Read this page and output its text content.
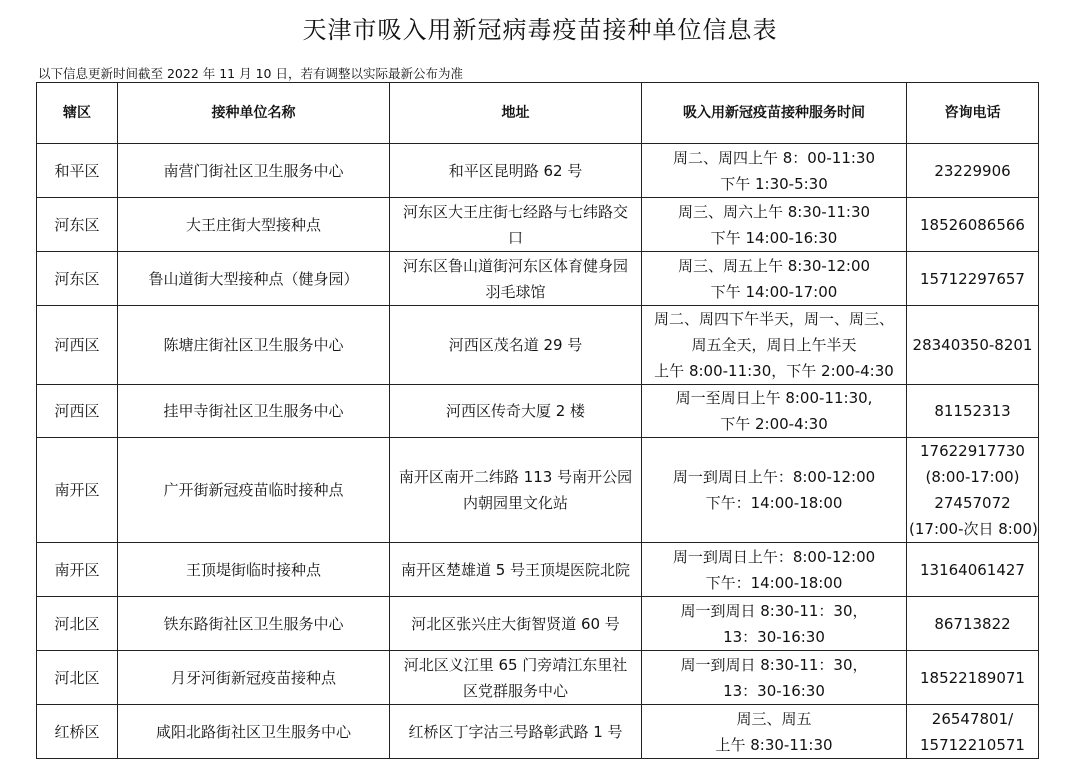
天津市吸入用新冠病毒疫苗接种单位信息表
以下信息更新时间截至 2022 年 11 月 10 日，若有调整以实际最新公布为准
辖区	接种单位名称	地址	吸入用新冠疫苗接种服务时间	咨询电话
和平区	南营门街社区卫生服务中心	和平区昆明路 62 号	周二、周四上午 8：00-11:30
下午 1:30-5:30	23229906

河东区	大王庄街大型接种点	河东区大王庄街七经路与七纬路交
口	周三、周六上午 8:30-11:30
下午 14:00-16:30	18526086566

河东区	鲁山道街大型接种点（健身园）	河东区鲁山道街河东区体育健身园
羽毛球馆	周三、周五上午 8:30-12:00
下午 14:00-17:00	15712297657

河西区	陈塘庄街社区卫生服务中心	河西区茂名道 29 号	周二、周四下午半天，周一、周三、
周五全天，周日上午半天
上午 8:00-11:30，下午 2:00-4:30	28340350-8201

河西区	挂甲寺街社区卫生服务中心	河西区传奇大厦 2 楼	周一至周日上午 8:00-11:30,
下午 2:00-4:30	81152313

南开区	广开街新冠疫苗临时接种点	南开区南开二纬路 113 号南开公园
内朝园里文化站	周一到周日上午：8:00-12:00
下午：14:00-18:00	17622917730
(8:00-17:00)
27457072
(17:00-次日 8:00)

南开区	王顶堤街临时接种点	南开区楚雄道 5 号王顶堤医院北院	周一到周日上午：8:00-12:00
下午：14:00-18:00	13164061427

河北区	铁东路街社区卫生服务中心	河北区张兴庄大街智贤道 60 号	周一到周日 8:30-11：30，
13：30-16:30	86713822

河北区	月牙河街新冠疫苗接种点	河北区义江里 65 门旁靖江东里社
区党群服务中心	周一到周日 8:30-11：30，
13：30-16:30	18522189071

红桥区	咸阳北路街社区卫生服务中心	红桥区丁字沽三号路彰武路 1 号	周三、周五
上午 8:30-11:30	26547801/
15712210571
